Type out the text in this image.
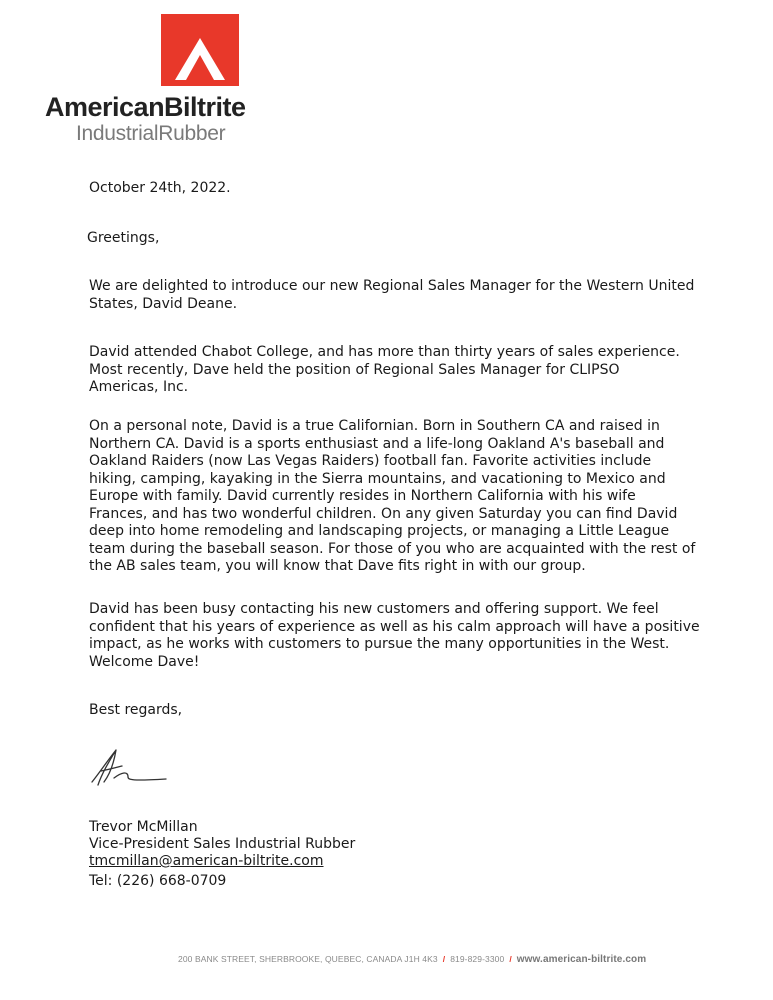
AmericanBiltrite
IndustrialRubber
October 24th, 2022.
Greetings,
We are delighted to introduce our new Regional Sales Manager for the Western United
States, David Deane.
David attended Chabot College, and has more than thirty years of sales experience.
Most recently, Dave held the position of Regional Sales Manager for CLIPSO
Americas, Inc.
On a personal note, David is a true Californian. Born in Southern CA and raised in
Northern CA. David is a sports enthusiast and a life-long Oakland A's baseball and
Oakland Raiders (now Las Vegas Raiders) football fan. Favorite activities include
hiking, camping, kayaking in the Sierra mountains, and vacationing to Mexico and
Europe with family. David currently resides in Northern California with his wife
Frances, and has two wonderful children. On any given Saturday you can find David
deep into home remodeling and landscaping projects, or managing a Little League
team during the baseball season. For those of you who are acquainted with the rest of
the AB sales team, you will know that Dave fits right in with our group.
David has been busy contacting his new customers and offering support. We feel
confident that his years of experience as well as his calm approach will have a positive
impact, as he works with customers to pursue the many opportunities in the West.
Welcome Dave!
Best regards,
Trevor McMillan
Vice-President Sales Industrial Rubber
tmcmillan@american-biltrite.com
Tel: (226) 668-0709
200 BANK STREET, SHERBROOKE, QUEBEC, CANADA J1H 4K3 / 819-829-3300 / www.american-biltrite.com
